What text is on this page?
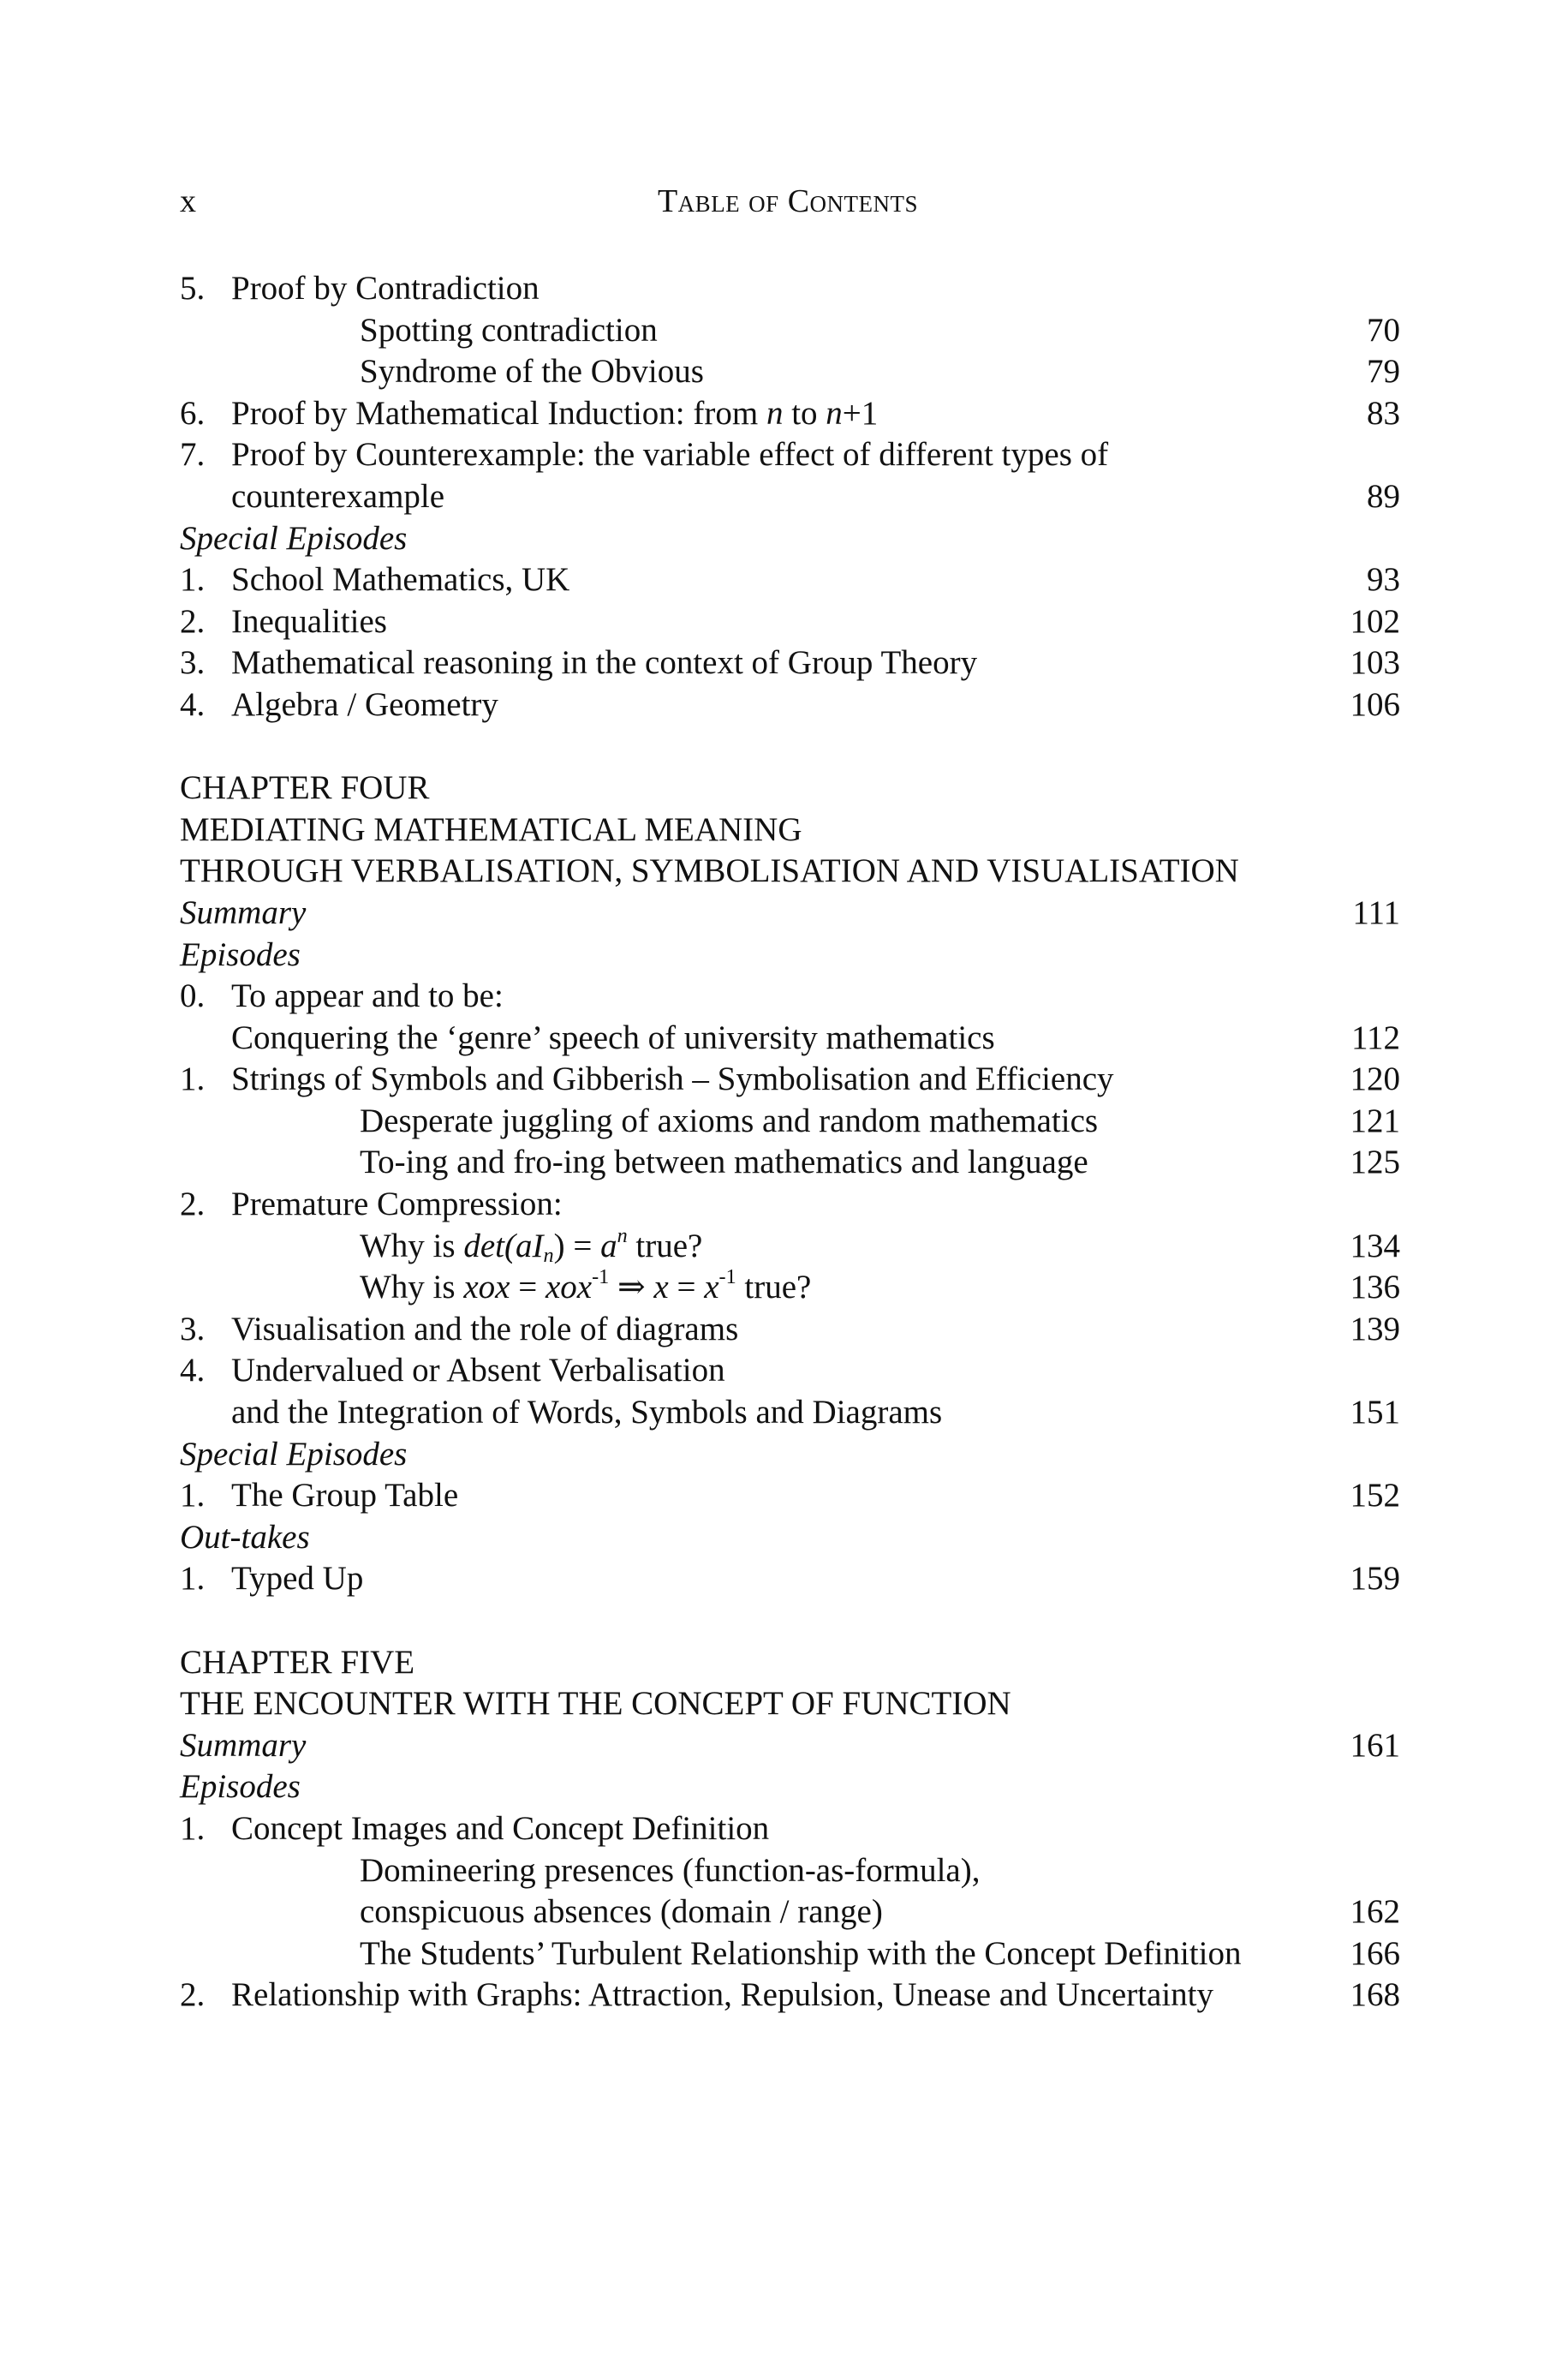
x	Table of Contents
5. Proof by Contradiction
Spotting contradiction	70
Syndrome of the Obvious	79
6. Proof by Mathematical Induction: from n to n+1	83
7. Proof by Counterexample: the variable effect of different types of
counterexample	89
Special Episodes
1. School Mathematics, UK	93
2. Inequalities	102
3. Mathematical reasoning in the context of Group Theory	103
4. Algebra / Geometry	106
CHAPTER FOUR
MEDIATING MATHEMATICAL MEANING
THROUGH VERBALISATION, SYMBOLISATION AND VISUALISATION
Summary	111
Episodes
0. To appear and to be:
Conquering the ‘genre’ speech of university mathematics	112
1. Strings of Symbols and Gibberish – Symbolisation and Efficiency	120
Desperate juggling of axioms and random mathematics	121
To-ing and fro-ing between mathematics and language	125
2. Premature Compression:
Why is $\det(aI_n) = a^n$ true?	134
Why is xox = xox$^{-1}$ ⇒ $x = x^{-1}$ true?	136
3. Visualisation and the role of diagrams	139
4. Undervalued or Absent Verbalisation
and the Integration of Words, Symbols and Diagrams	151
Special Episodes
1. The Group Table	152
Out-takes
1. Typed Up	159
CHAPTER FIVE
THE ENCOUNTER WITH THE CONCEPT OF FUNCTION
Summary	161
Episodes
1. Concept Images and Concept Definition
Domineering presences (function-as-formula),
conspicuous absences (domain / range)	162
The Students’ Turbulent Relationship with the Concept Definition	166
2. Relationship with Graphs: Attraction, Repulsion, Unease and Uncertainty	168
